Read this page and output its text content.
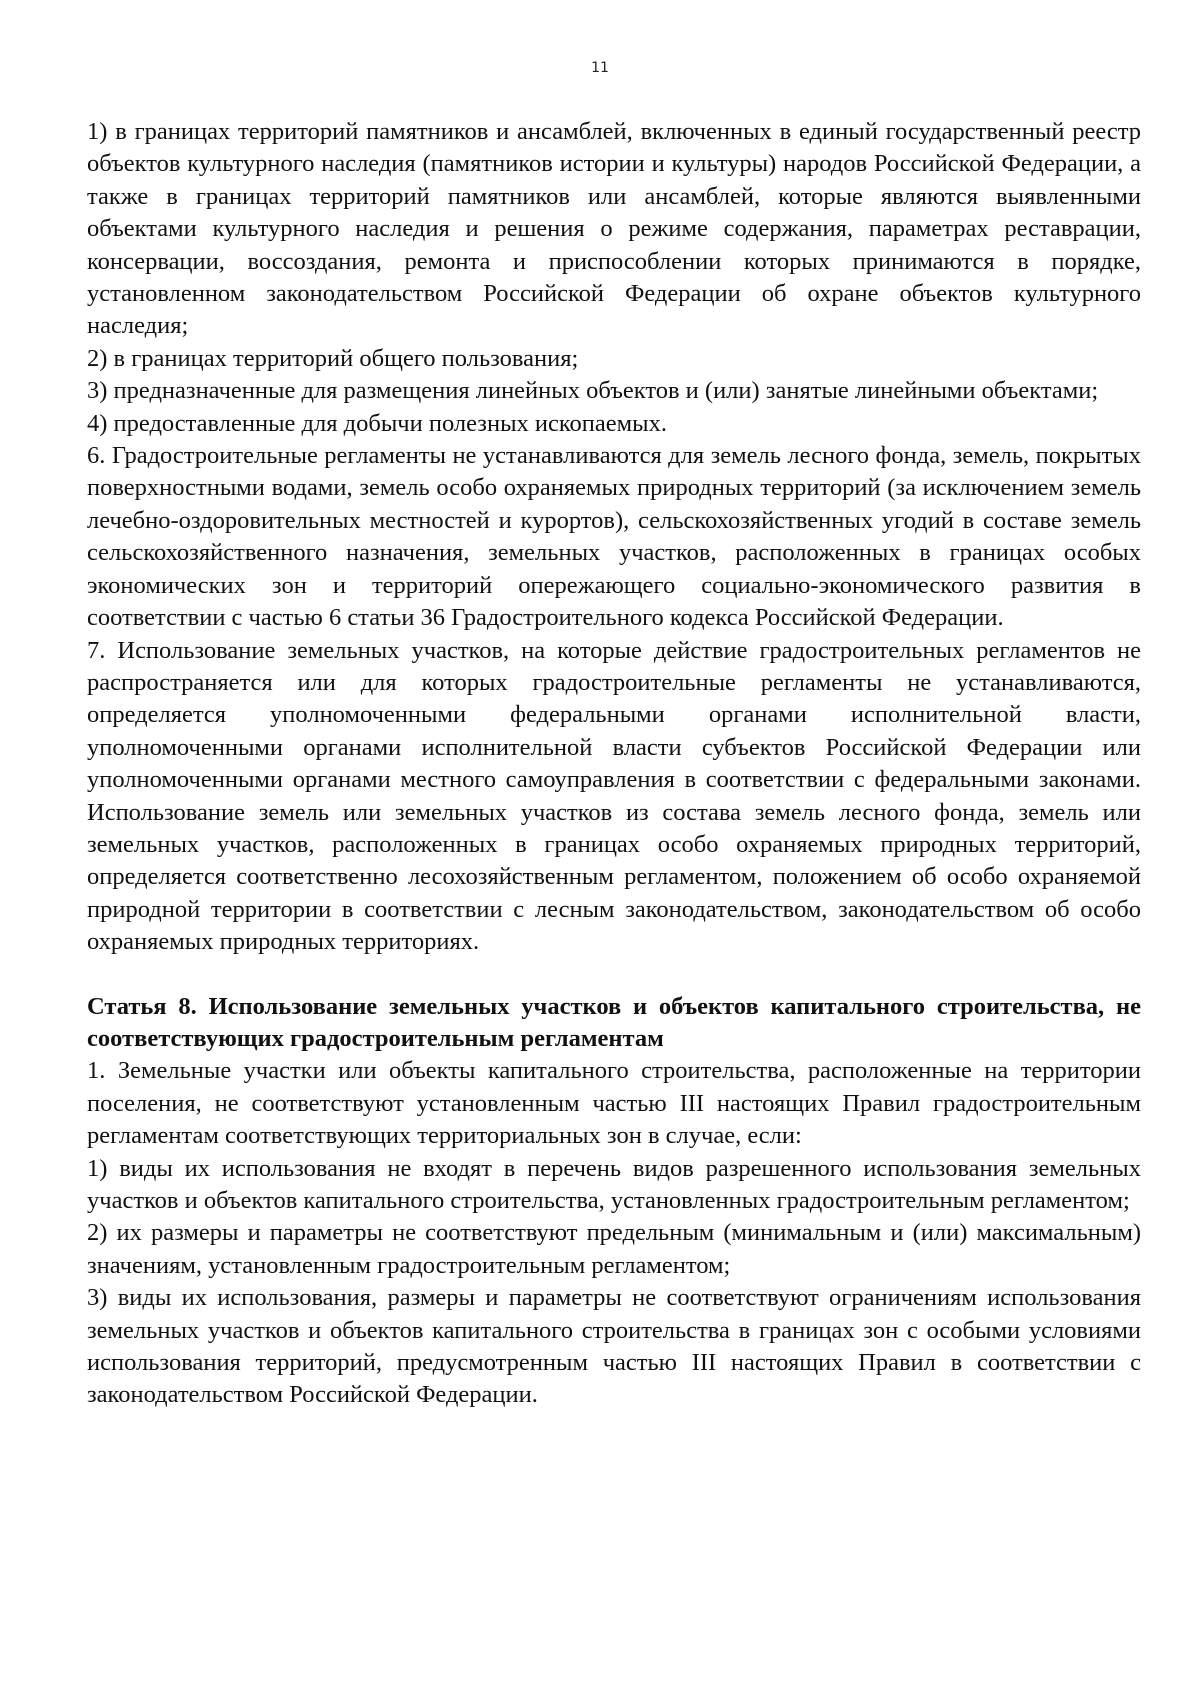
11

1) в границах территорий памятников и ансамблей, включенных в единый государственный реестр объектов культурного наследия (памятников истории и культуры) народов Российской Федерации, а также в границах территорий памятников или ансамблей, которые являются выявленными объектами культурного наследия и решения о режиме содержания, параметрах реставрации, консервации, воссоздания, ремонта и приспособлении которых принимаются в порядке, установленном законодательством Российской Федерации об охране объектов культурного наследия;

2) в границах территорий общего пользования;

3) предназначенные для размещения линейных объектов и (или) занятые линейными объектами;

4) предоставленные для добычи полезных ископаемых.

6. Градостроительные регламенты не устанавливаются для земель лесного фонда, земель, покрытых поверхностными водами, земель особо охраняемых природных территорий (за исключением земель лечебно-оздоровительных местностей и курортов), сельскохозяйственных угодий в составе земель сельскохозяйственного назначения, земельных участков, расположенных в границах особых экономических зон и территорий опережающего социально-экономического развития в соответствии с частью 6 статьи 36 Градостроительного кодекса Российской Федерации.

7. Использование земельных участков, на которые действие градостроительных регламентов не распространяется или для которых градостроительные регламенты не устанавливаются, определяется уполномоченными федеральными органами исполнительной власти, уполномоченными органами исполнительной власти субъектов Российской Федерации или уполномоченными органами местного самоуправления в соответствии с федеральными законами. Использование земель или земельных участков из состава земель лесного фонда, земель или земельных участков, расположенных в границах особо охраняемых природных территорий, определяется соответственно лесохозяйственным регламентом, положением об особо охраняемой природной территории в соответствии с лесным законодательством, законодательством об особо охраняемых природных территориях.

Статья 8. Использование земельных участков и объектов капитального строительства, не соответствующих градостроительным регламентам

1. Земельные участки или объекты капитального строительства, расположенные на территории поселения, не соответствуют установленным частью III настоящих Правил градостроительным регламентам соответствующих территориальных зон в случае, если:

1) виды их использования не входят в перечень видов разрешенного использования земельных участков и объектов капитального строительства, установленных градостроительным регламентом;

2) их размеры и параметры не соответствуют предельным (минимальным и (или) максимальным) значениям, установленным градостроительным регламентом;

3) виды их использования, размеры и параметры не соответствуют ограничениям использования земельных участков и объектов капитального строительства в границах зон с особыми условиями использования территорий, предусмотренным частью III настоящих Правил в соответствии с законодательством Российской Федерации.
